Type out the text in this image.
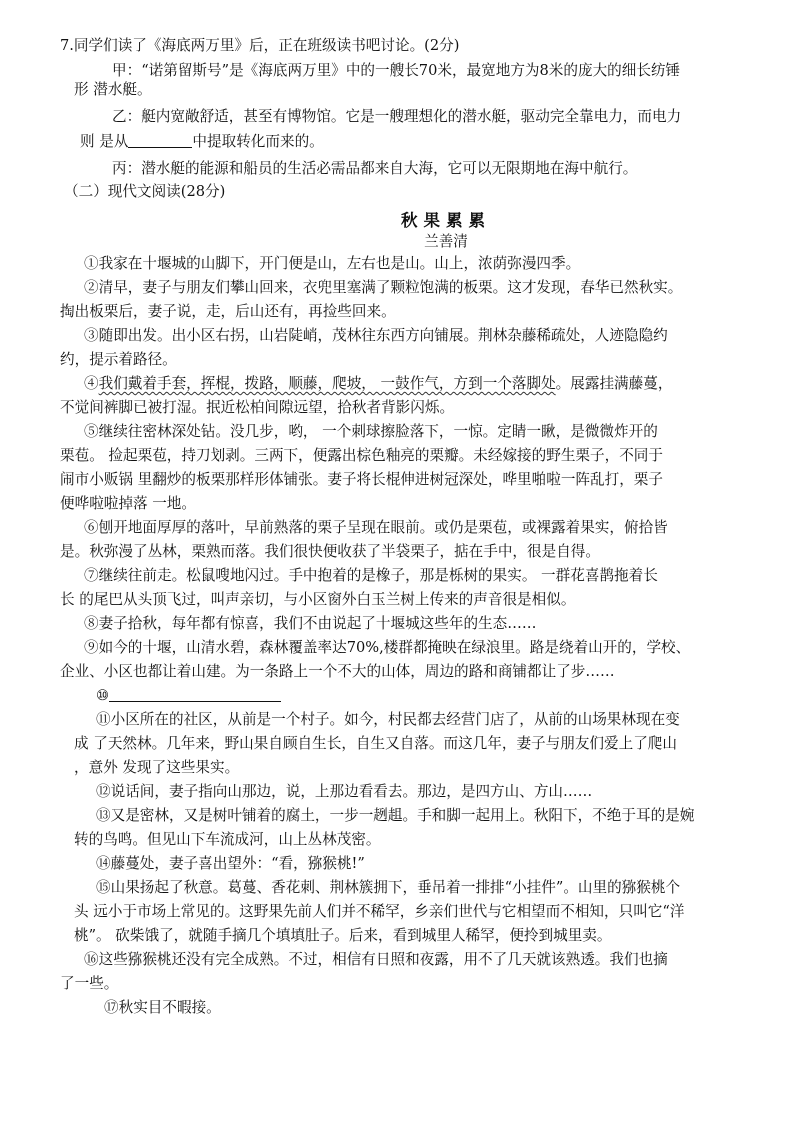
7.同学们读了《海底两万里》后，正在班级读书吧讨论。(2分)
甲：“诺第留斯号”是《海底两万里》中的一艘长70米，最宽地方为8米的庞大的细长纺锤
形 潜水艇。
乙：艇内宽敞舒适，甚至有博物馆。它是一艘理想化的潜水艇，驱动完全靠电力，而电力
则 是从	中提取转化而来的。
丙：潜水艇的能源和船员的生活必需品都来自大海，它可以无限期地在海中航行。
（二）现代文阅读(28分)
秋果累累
兰善清
①我家在十堰城的山脚下，开门便是山，左右也是山。山上，浓荫弥漫四季。
②清早，妻子与朋友们攀山回来，衣兜里塞满了颗粒饱满的板栗。这才发现，春华已然秋实。
掏出板栗后，妻子说，走，后山还有，再捡些回来。
③随即出发。出小区右拐，山岩陡峭，茂林往东西方向铺展。荆林杂藤稀疏处，人迹隐隐约
约，提示着路径。
④我们戴着手套，挥棍，拨路，顺藤，爬坡， 一鼓作气，方到一个落脚处。展露挂满藤蔓，
不觉间裤脚已被打湿。抿近松柏间隙远望，拾秋者背影闪烁。
⑤继续往密林深处钻。没几步，哟， 一个刺球擦脸落下，一惊。定睛一瞅，是微微炸开的
栗苞。 捡起栗苞，持刀划剥。三两下，便露出棕色釉亮的栗瓣。未经嫁接的野生栗子，不同于
闹市小贩锅 里翻炒的板栗那样形体铺张。妻子将长棍伸进树冠深处，哗里啪啦一阵乱打，栗子
便哗啦啦掉落 一地。
⑥刨开地面厚厚的落叶，早前熟落的栗子呈现在眼前。或仍是栗苞，或裸露着果实，俯拾皆
是。秋弥漫了丛林，栗熟而落。我们很快便收获了半袋栗子，掂在手中，很是自得。
⑦继续往前走。松鼠嗖地闪过。手中抱着的是橡子，那是栎树的果实。 一群花喜鹊拖着长
长 的尾巴从头顶飞过，叫声亲切，与小区窗外白玉兰树上传来的声音很是相似。
⑧妻子拾秋，每年都有惊喜，我们不由说起了十堰城这些年的生态……
⑨如今的十堰，山清水碧，森林覆盖率达70%,楼群都掩映在绿浪里。路是绕着山开的，学校、
企业、小区也都让着山建。为一条路上一个不大的山体，周边的路和商铺都让了步……
⑩
⑪小区所在的社区，从前是一个村子。如今，村民都去经营门店了，从前的山场果林现在变
成 了天然林。几年来，野山果自顾自生长，自生又自落。而这几年，妻子与朋友们爱上了爬山
，意外 发现了这些果实。
⑫说话间，妻子指向山那边，说，上那边看看去。那边，是四方山、方山……
⑬又是密林，又是树叶铺着的腐土，一步一趔趄。手和脚一起用上。秋阳下，不绝于耳的是婉
转的鸟鸣。但见山下车流成河，山上丛林茂密。
⑭藤蔓处，妻子喜出望外：“看，猕猴桃!”
⑮山果扬起了秋意。葛蔓、香花刺、荆林簇拥下，垂吊着一排排“小挂件”。山里的猕猴桃个
头 远小于市场上常见的。这野果先前人们并不稀罕，乡亲们世代与它相望而不相知，只叫它“洋
桃”。 砍柴饿了，就随手摘几个填填肚子。后来，看到城里人稀罕，便拎到城里卖。
⑯这些猕猴桃还没有完全成熟。不过，相信有日照和夜露，用不了几天就该熟透。我们也摘
了一些。
⑰秋实目不暇接。
